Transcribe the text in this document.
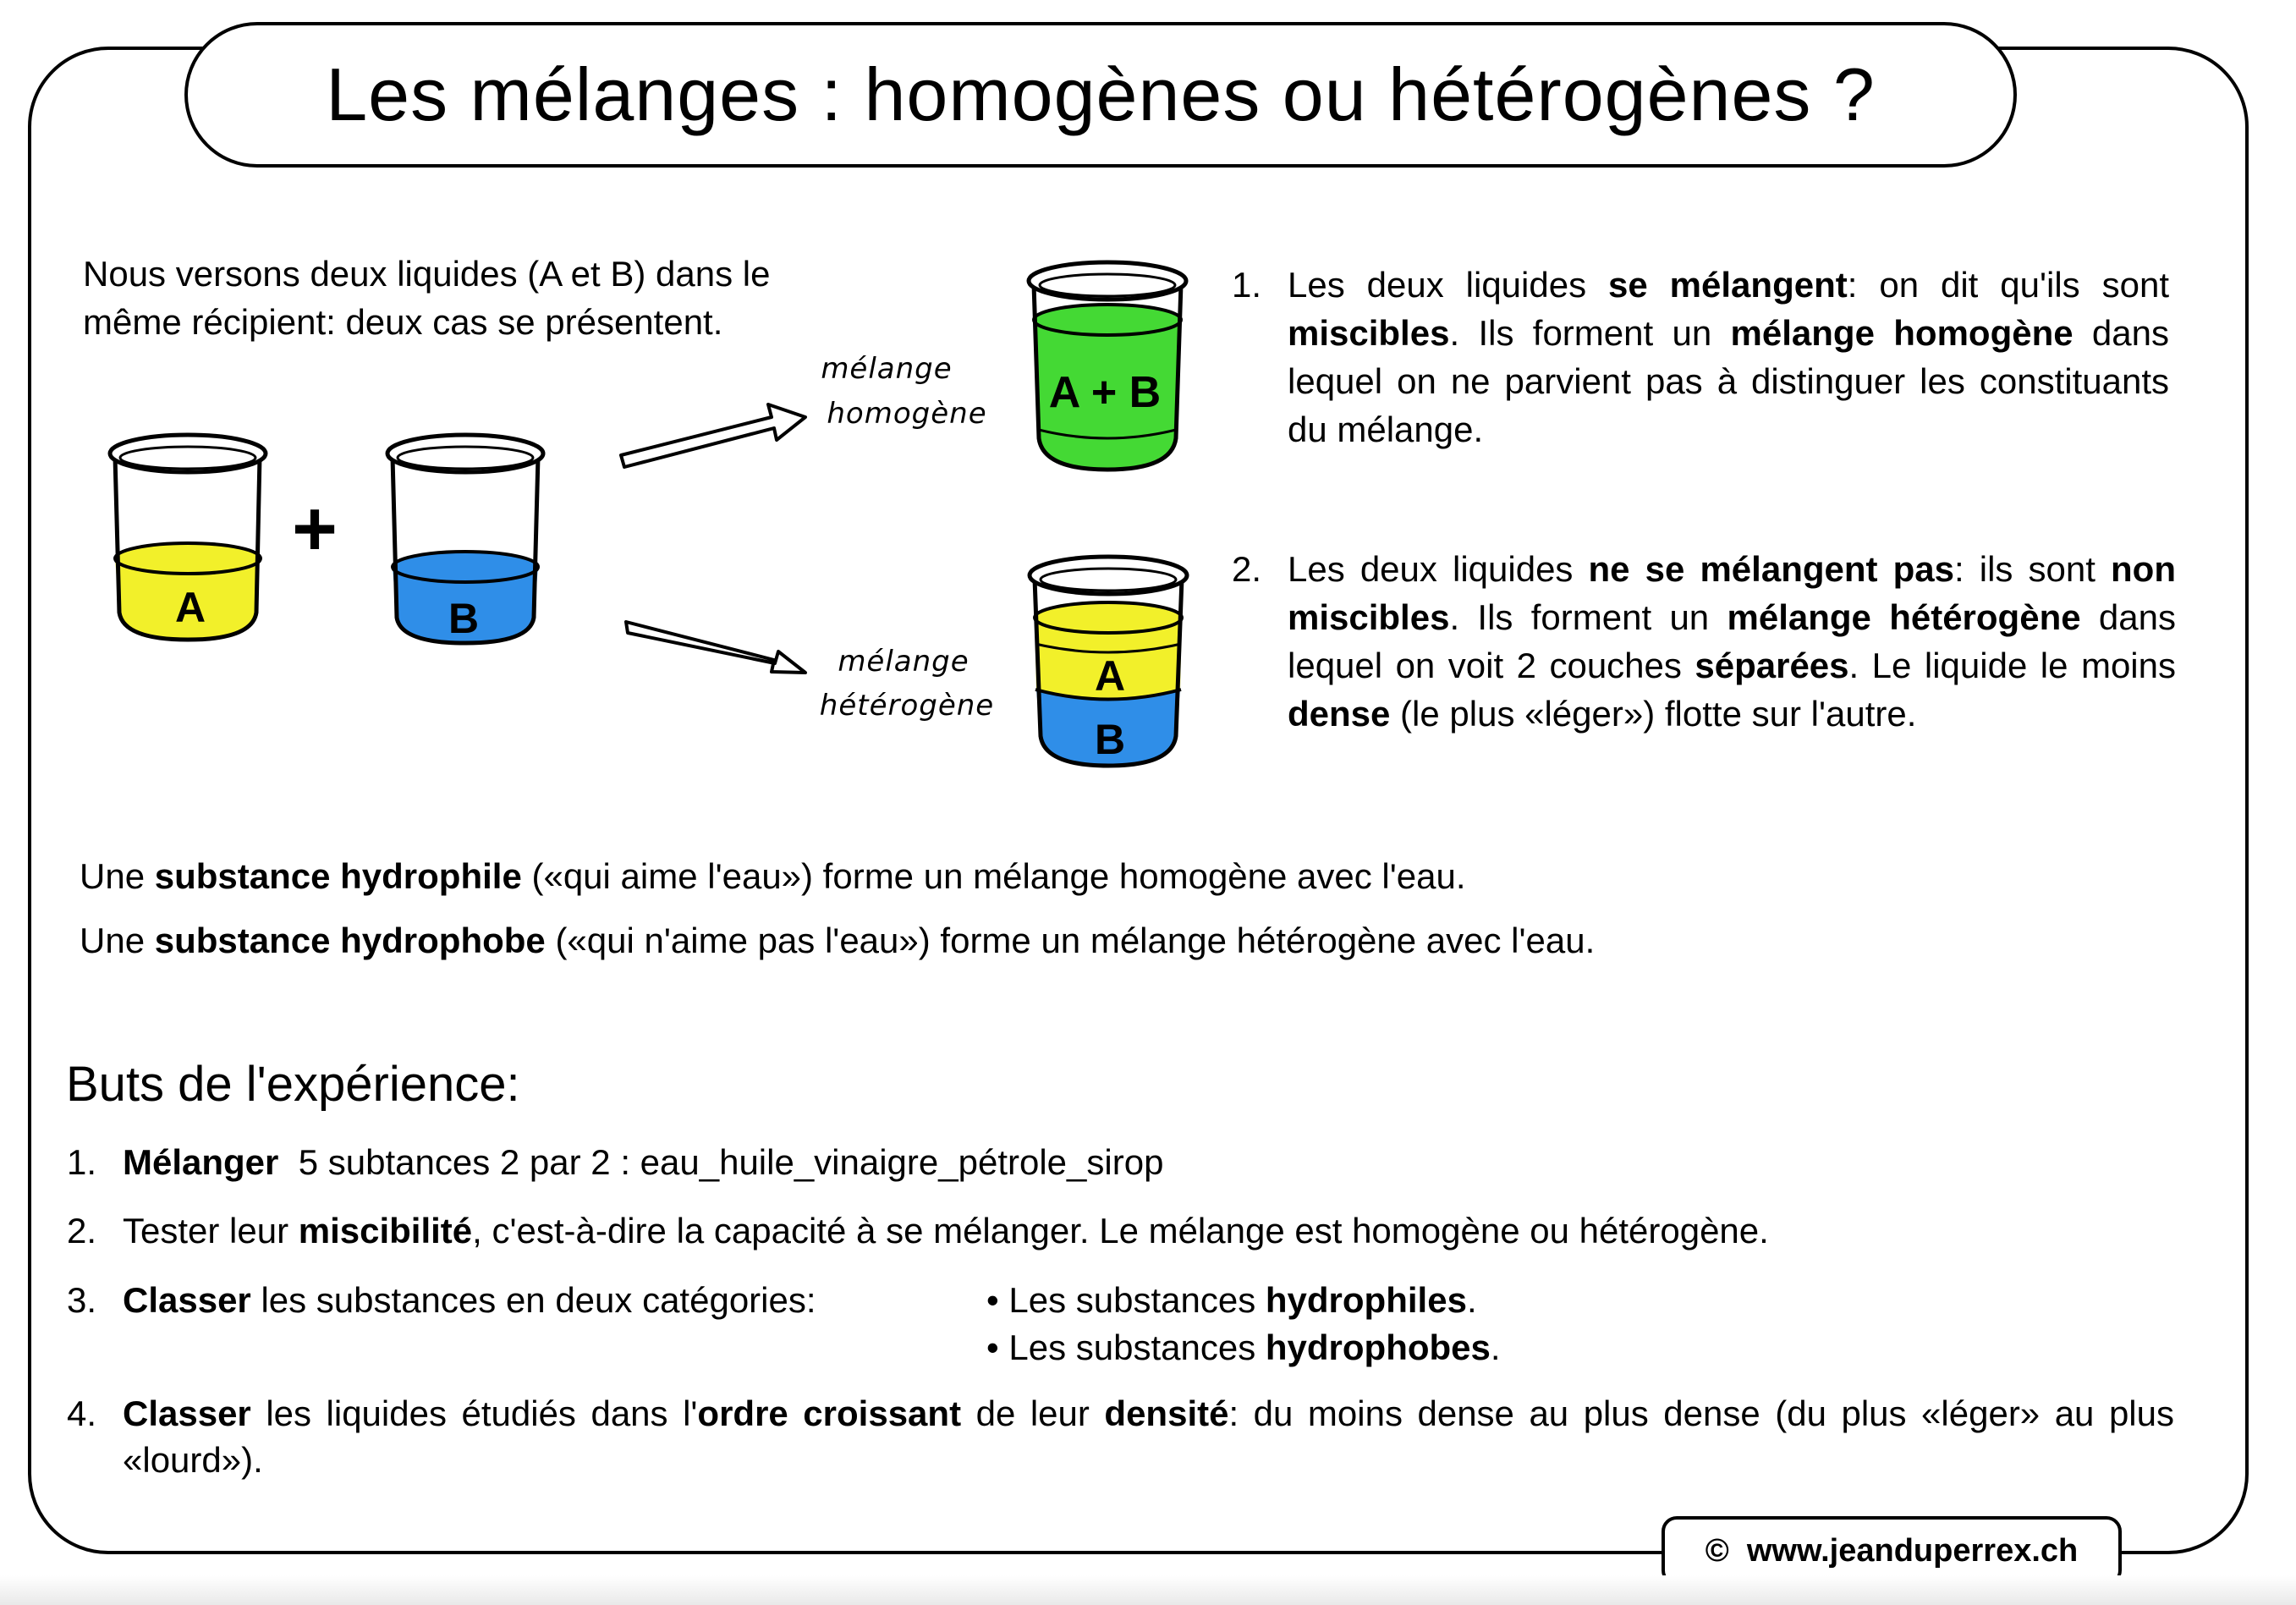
Les mélanges : homogènes ou hétérogènes ?
Nous versons deux liquides (A et B) dans le
même récipient: deux cas se présentent.
A
+
B
mélange
homogène
mélange
hétérogène
A + B
A
B
1. Les deux liquides se mélangent: on dit qu'ils sont miscibles. Ils forment un mélange homogène dans lequel on ne parvient pas à distinguer les constituants du mélange.
2. Les deux liquides ne se mélangent pas: ils sont non miscibles. Ils forment un mélange hétérogène dans lequel on voit 2 couches séparées. Le liquide le moins dense (le plus «léger») flotte sur l'autre.
Une substance hydrophile («qui aime l'eau») forme un mélange homogène avec l'eau.
Une substance hydrophobe («qui n'aime pas l'eau») forme un mélange hétérogène avec l'eau.
Buts de l'expérience:
1. Mélanger  5 subtances 2 par 2 : eau_huile_vinaigre_pétrole_sirop
2. Tester leur miscibilité, c'est-à-dire la capacité à se mélanger. Le mélange est homogène ou hétérogène.
3. Classer les substances en deux catégories:	• Les substances hydrophiles.
• Les substances hydrophobes.
4. Classer les liquides étudiés dans l'ordre croissant de leur densité: du moins dense au plus dense (du plus «léger» au plus «lourd»).
©  www.jeanduperrex.ch
